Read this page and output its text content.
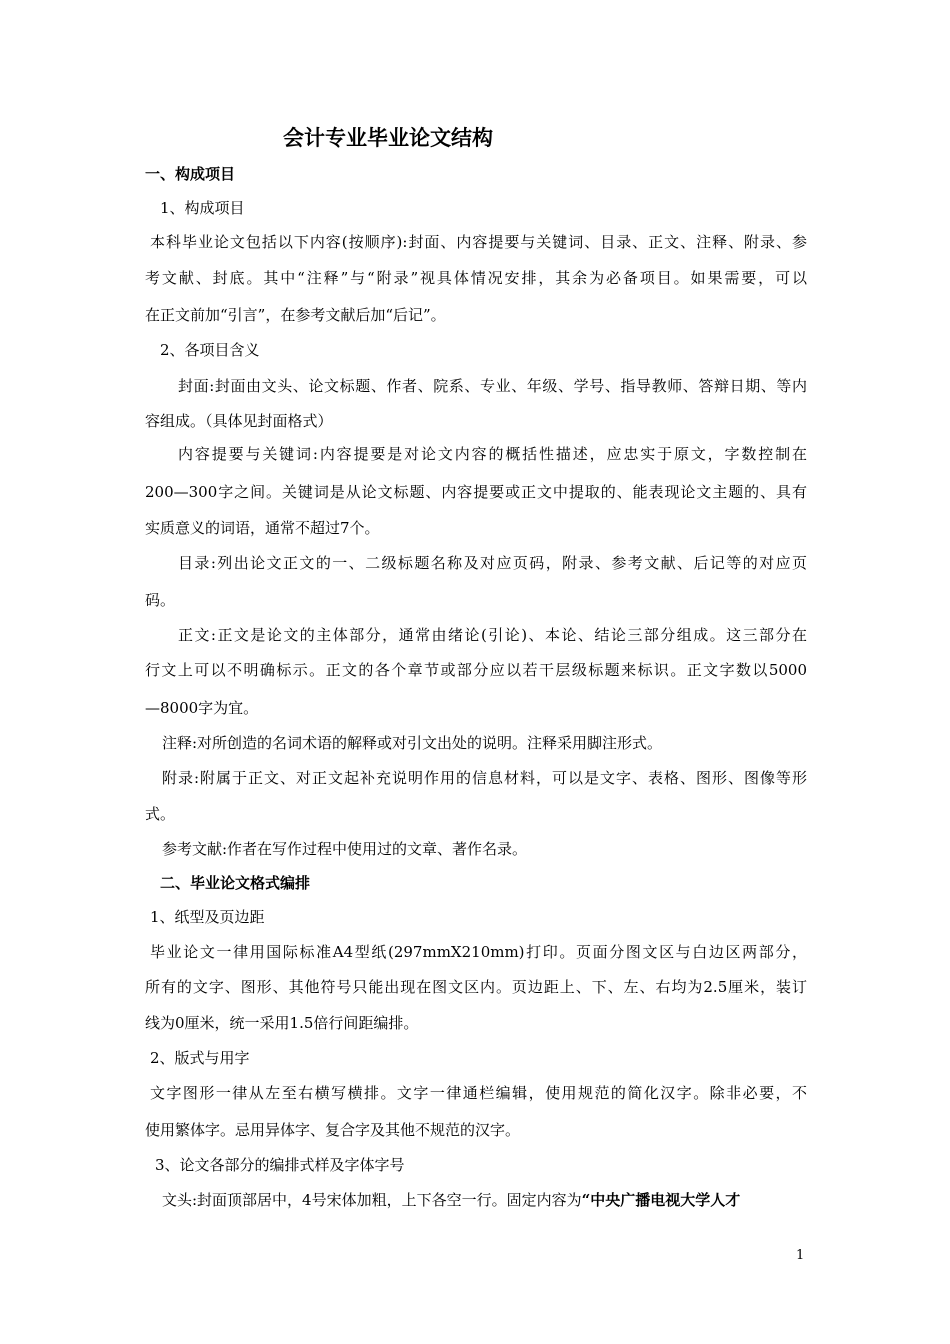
会计专业毕业论文结构
一、构成项目
1、构成项目
本科毕业论文包括以下内容(按顺序):封面、内容提要与关键词、目录、正文、注释、附录、参
考文献、封底。其中“注释”与“附录”视具体情况安排，其余为必备项目。如果需要，可以
在正文前加“引言”，在参考文献后加“后记”。
2、各项目含义
封面:封面由文头、论文标题、作者、院系、专业、年级、学号、指导教师、答辩日期、等内
容组成。（具体见封面格式）
内容提要与关键词:内容提要是对论文内容的概括性描述，应忠实于原文，字数控制在
200—300字之间。关键词是从论文标题、内容提要或正文中提取的、能表现论文主题的、具有
实质意义的词语，通常不超过7个。
目录:列出论文正文的一、二级标题名称及对应页码，附录、参考文献、后记等的对应页
码。
正文:正文是论文的主体部分，通常由绪论(引论)、本论、结论三部分组成。这三部分在
行文上可以不明确标示。正文的各个章节或部分应以若干层级标题来标识。正文字数以5000
—8000字为宜。
注释:对所创造的名词术语的解释或对引文出处的说明。注释采用脚注形式。
附录:附属于正文、对正文起补充说明作用的信息材料，可以是文字、表格、图形、图像等形
式。
参考文献:作者在写作过程中使用过的文章、著作名录。
二、毕业论文格式编排
1、纸型及页边距
毕业论文一律用国际标准A4型纸(297mmX210mm)打印。页面分图文区与白边区两部分，
所有的文字、图形、其他符号只能出现在图文区内。页边距上、下、左、右均为2.5厘米，装订
线为0厘米，统一采用1.5倍行间距编排。
2、版式与用字
文字图形一律从左至右横写横排。文字一律通栏编辑，使用规范的简化汉字。除非必要，不
使用繁体字。忌用异体字、复合字及其他不规范的汉字。
3、论文各部分的编排式样及字体字号
文头:封面顶部居中，4号宋体加粗，上下各空一行。固定内容为“中央广播电视大学人才
1
